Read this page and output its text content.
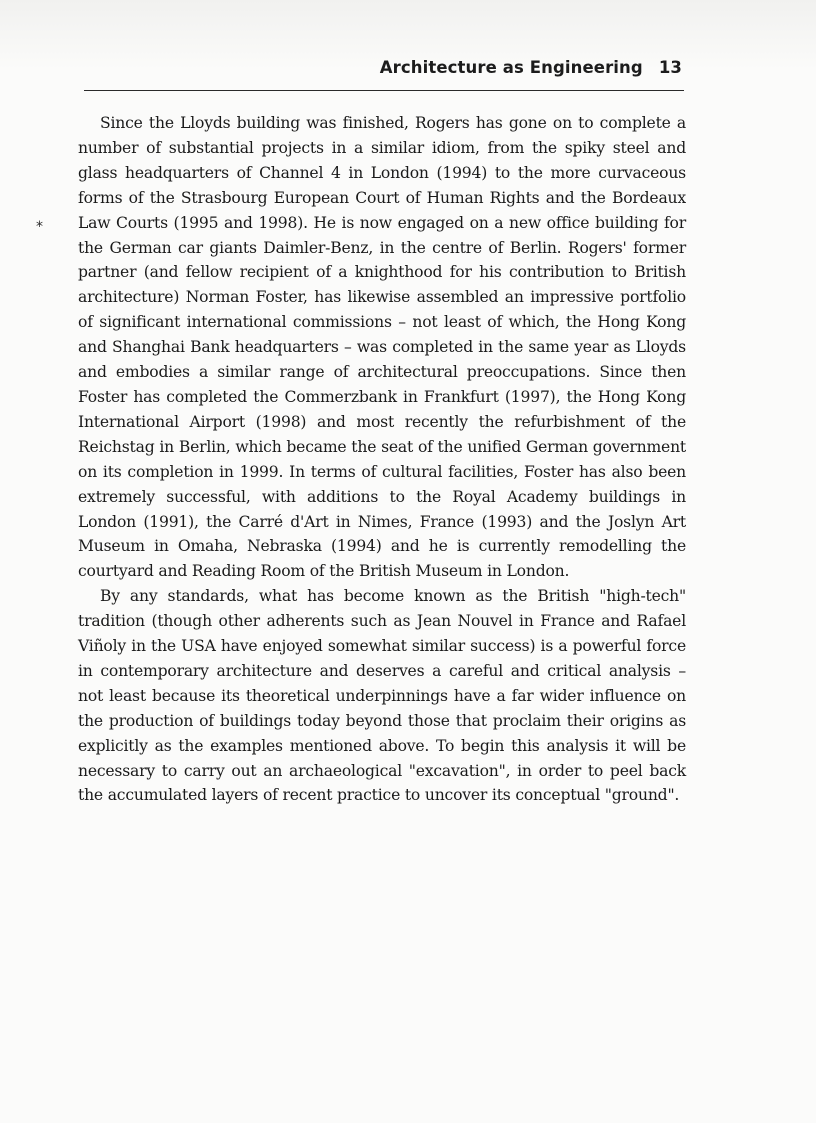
Architecture as Engineering 13
*

Since the Lloyds building was finished, Rogers has gone on to complete a number of substantial projects in a similar idiom, from the spiky steel and glass headquarters of Channel 4 in London (1994) to the more curvaceous forms of the Strasbourg European Court of Human Rights and the Bordeaux Law Courts (1995 and 1998). He is now engaged on a new office building for the German car giants Daimler-Benz, in the centre of Berlin. Rogers' former partner (and fellow recipient of a knighthood for his contribution to British architecture) Norman Foster, has likewise assembled an impressive portfolio of significant international commissions – not least of which, the Hong Kong and Shanghai Bank headquarters – was completed in the same year as Lloyds and embodies a similar range of architectural preoccupations. Since then Foster has completed the Commerzbank in Frankfurt (1997), the Hong Kong International Airport (1998) and most recently the refurbishment of the Reichstag in Berlin, which became the seat of the unified German government on its completion in 1999. In terms of cultural facilities, Foster has also been extremely successful, with additions to the Royal Academy buildings in London (1991), the Carré d'Art in Nimes, France (1993) and the Joslyn Art Museum in Omaha, Nebraska (1994) and he is currently remodelling the courtyard and Reading Room of the British Museum in London.

By any standards, what has become known as the British "high-tech" tradition (though other adherents such as Jean Nouvel in France and Rafael Viñoly in the USA have enjoyed somewhat similar success) is a powerful force in contemporary architecture and deserves a careful and critical analysis – not least because its theoretical underpinnings have a far wider influence on the production of buildings today beyond those that proclaim their origins as explicitly as the examples mentioned above. To begin this analysis it will be necessary to carry out an archaeological "excavation", in order to peel back the accumulated layers of recent practice to uncover its conceptual "ground".
